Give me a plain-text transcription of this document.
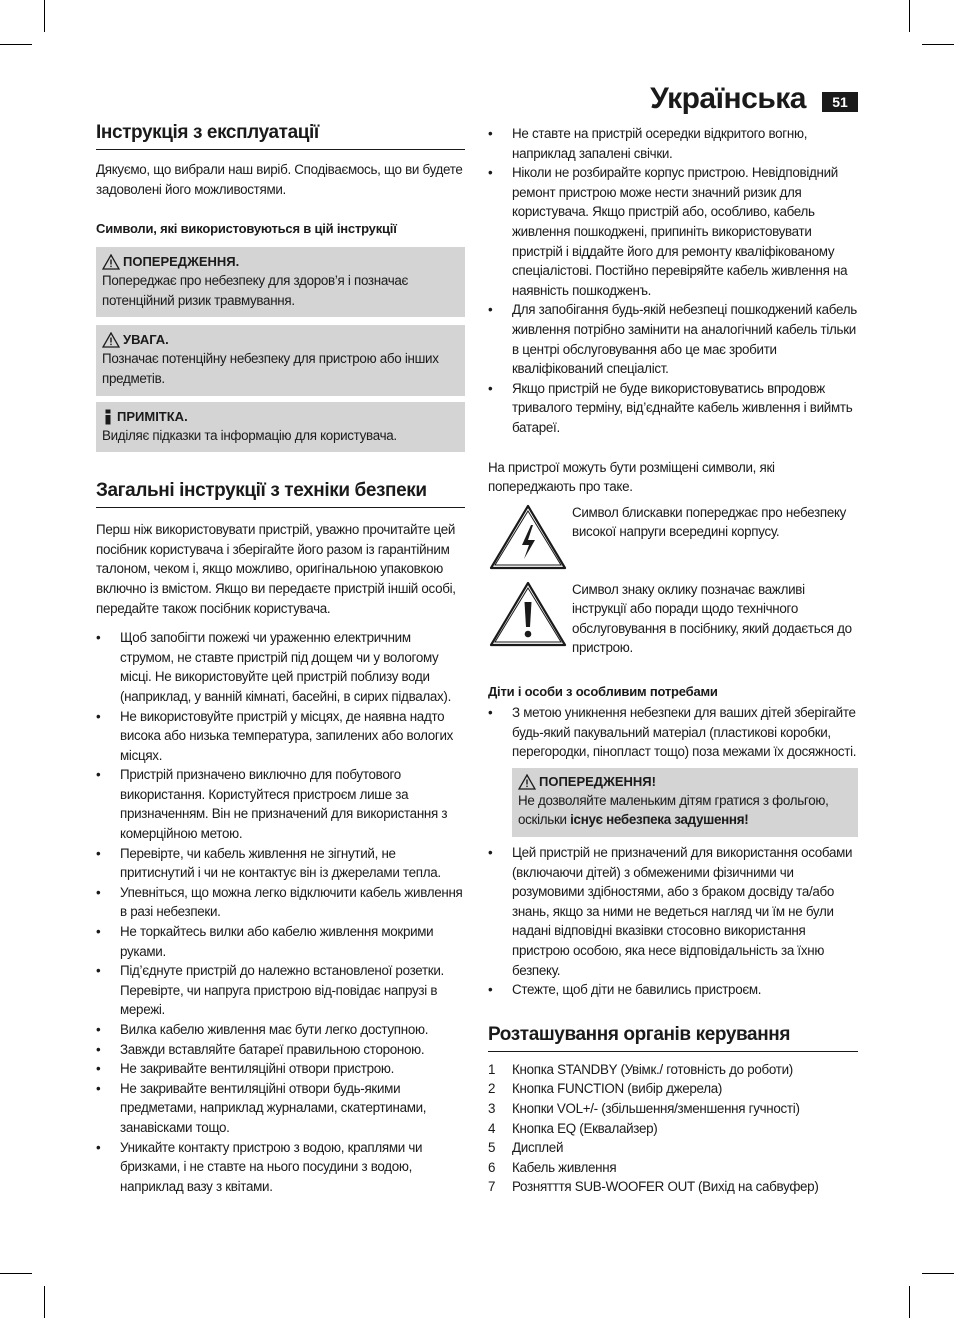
Українська	51
Інструкція з експлуатації

Дякуємо, що вибрали наш виріб. Сподіваємось, що ви будете задоволені його можливостями.

Символи, які використовуються в цій інструкції
ПОПЕРЕДЖЕННЯ.
Попереджає про небезпеку для здоров’я і позначає потенційний ризик травмування.
УВАГА.
Позначає потенційну небезпеку для пристрою або інших предметів.
ПРИМІТКА.
Виділяє підказки та інформацію для користувача.
Загальні інструкції з техніки безпеки

Перш ніж використовувати пристрій, уважно прочитайте цей посібник користувача і зберігайте його разом із гарантійним талоном, чеком і, якщо можливо, оригінальною упаковкою включно із вмістом. Якщо ви передаєте пристрій іншій особі, передайте також посібник користувача.

• Щоб запобігти пожежі чи ураженню електричним струмом, не ставте пристрій під дощем чи у вологому місці. Не використовуйте цей пристрій поблизу води (наприклад, у ванній кімнаті, басейні, в сирих підвалах).
• Не використовуйте пристрій у місцях, де наявна надто висока або низька температура, запилених або вологих місцях.
• Пристрій призначено виключно для побутового використання. Користуйтеся пристроєм лише за призначенням. Він не призначений для використання з комерційною метою.
• Перевірте, чи кабель живлення не зігнутий, не притиснутий і чи не контактує він із джерелами тепла.
• Упевніться, що можна легко відключити кабель живлення в разі небезпеки.
• Не торкайтесь вилки або кабелю живлення мокрими руками.
• Під’єднуте пристрій до належно встановленої розетки. Перевірте, чи напруга пристрою від-повідає напрузі в мережі.
• Вилка кабелю живлення має бути легко доступною.
• Завжди вставляйте батареї правильною стороною.
• Не закривайте вентиляційні отвори пристрою.
• Не закривайте вентиляційні отвори будь-якими предметами, наприклад журналами, скатертинами, занавісками тощо.
• Уникайте контакту пристрою з водою, краплями чи бризками, і не ставте на нього посудини з водою, наприклад вазу з квітами.
• Не ставте на пристрій осередки відкритого вогню, наприклад запалені свічки.
• Ніколи не розбирайте корпус пристрою. Невідповідний ремонт пристрою може нести значний ризик для користувача. Якщо пристрій або, особливо, кабель живлення пошкоджені, припиніть використовувати пристрій і віддайте його для ремонту кваліфікованому спеціалістові. Постійно перевіряйте кабель живлення на наявність пошкодженъ.
• Для запобігання будь-якій небезпеці пошкоджений кабель живлення потрібно замінити на аналогічний кабель тільки в центрі обслуговування або це має зробити кваліфікований спеціаліст.
• Якщо пристрій не буде використовуватись впродовж тривалого терміну, від’єднайте кабель живлення і виймть батареї.

На пристрої можуть бути розміщені символи, які попереджають про таке.

Символ блискавки попереджає про небезпеку високої напруги всередині корпусу.

Символ знаку оклику позначає важливі інструкції або поради щодо технічного обслуговування в посібнику, який додається до пристрою.

Діти і особи з особливим потребами
• З метою уникнення небезпеки для ваших дітей зберігайте будь-який пакувальний матеріал (пластикові коробки, перегородки, пінопласт тощо) поза межами їх досяжності.
ПОПЕРЕДЖЕННЯ!
Не дозволяйте маленьким дітям гратися з фольгою, оскільки існує небезпека задушення!
• Цей пристрій не призначений для використання особами (включаючи дітей) з обмеженими фізичними чи розумовими здібностями, або з браком досвіду та/або знань, якщо за ними не ведеться нагляд чи їм не були надані відповідні вказівки стосовно використання пристрою особою, яка несе відповідальність за їхню безпеку.
• Стежте, щоб діти не бавились пристроєм.
Розташування органів керування
1 Кнопка STANDBY (Увімк./ готовність до роботи)
2 Кнопка FUNCTION (вибір джерела)
3 Кнопки VOL+/- (збільшення/зменшення гучності)
4 Кнопка EQ (Еквалайзер)
5 Дисплей
6 Кабель живлення
7 Рознятття SUB-WOOFER OUT (Вихід на сабвуфер)
